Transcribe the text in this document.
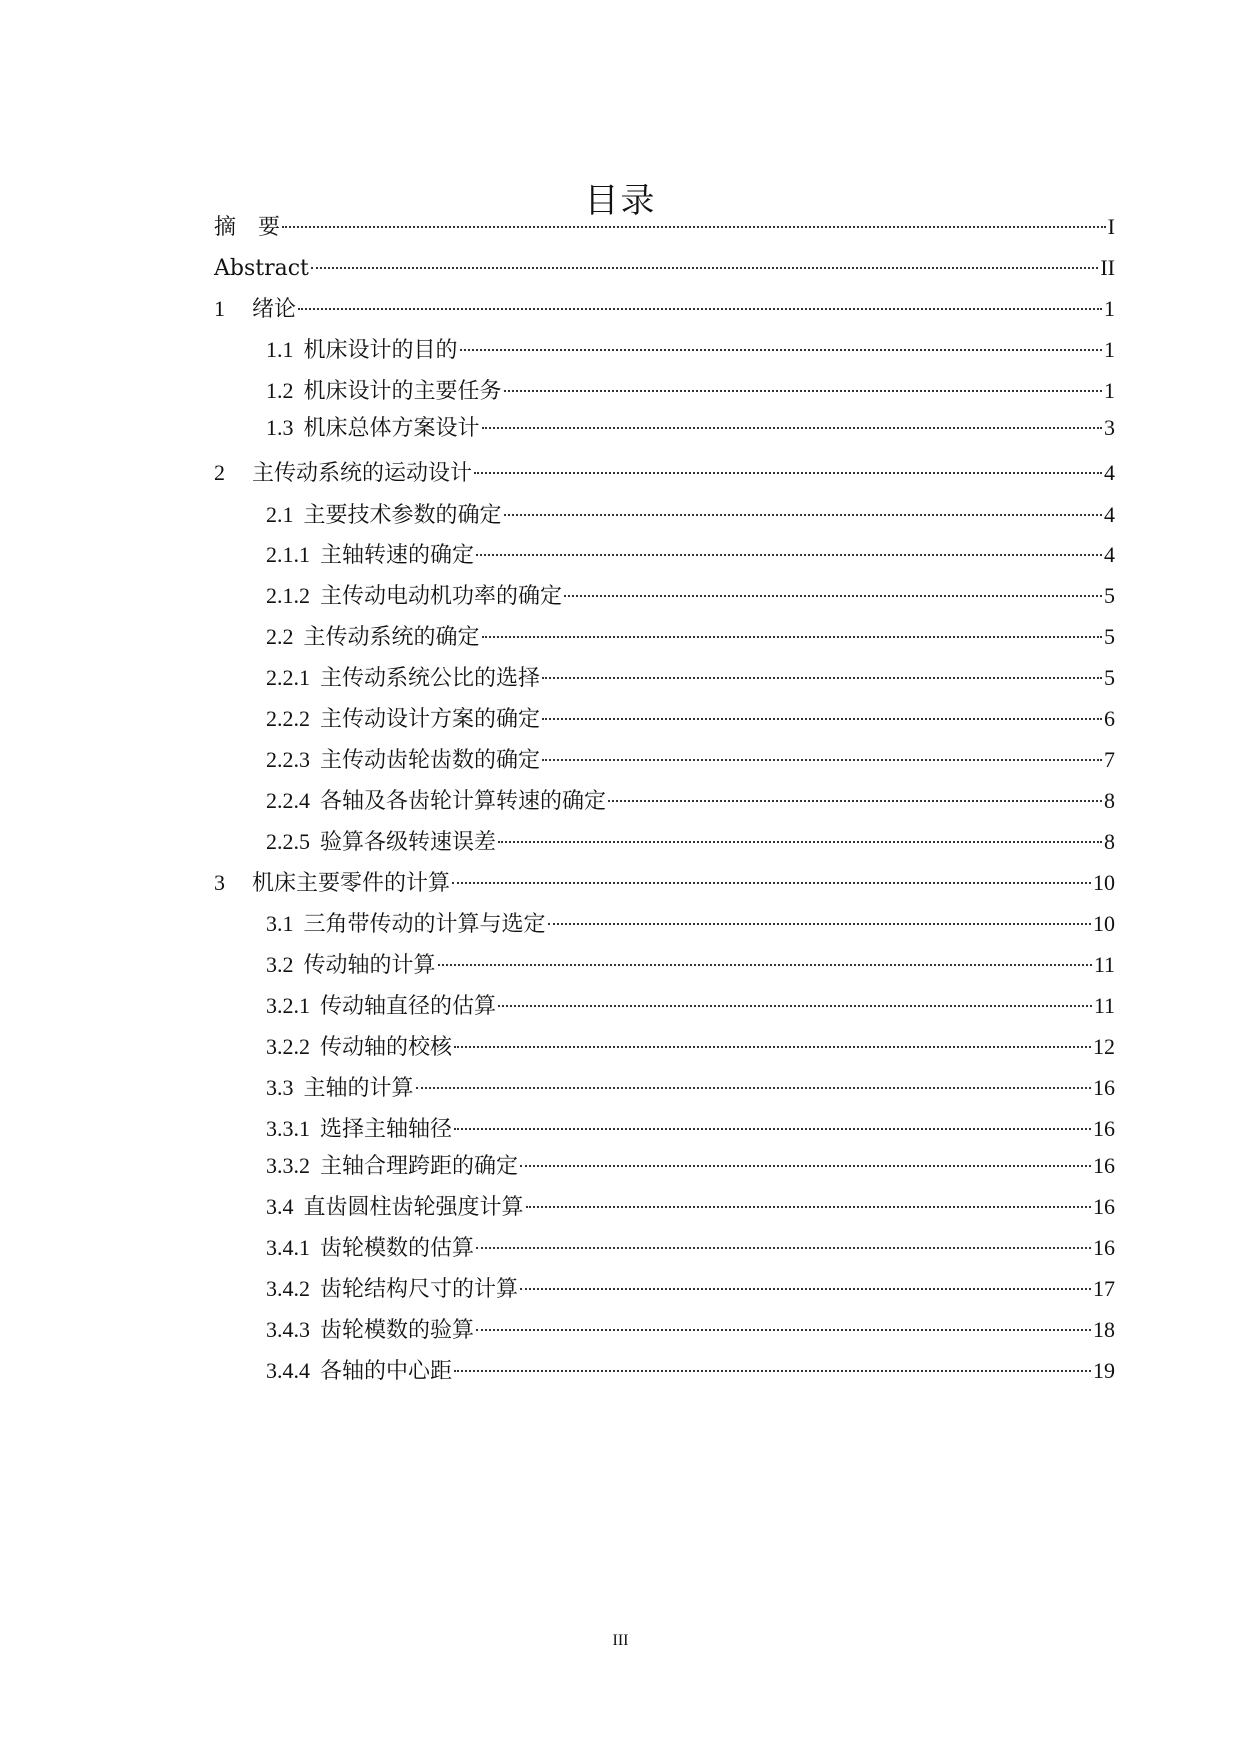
目录
摘　要	I
Abstract	II
1	绪论	1
1.1 机床设计的目的	1
1.2 机床设计的主要任务	1
1.3 机床总体方案设计	3
2	主传动系统的运动设计	4
2.1 主要技术参数的确定	4
2.1.1 主轴转速的确定	4
2.1.2 主传动电动机功率的确定	5
2.2 主传动系统的确定	5
2.2.1 主传动系统公比的选择	5
2.2.2 主传动设计方案的确定	6
2.2.3 主传动齿轮齿数的确定	7
2.2.4 各轴及各齿轮计算转速的确定	8
2.2.5 验算各级转速误差	8
3	机床主要零件的计算	10
3.1 三角带传动的计算与选定	10
3.2 传动轴的计算	11
3.2.1 传动轴直径的估算	11
3.2.2 传动轴的校核	12
3.3 主轴的计算	16
3.3.1 选择主轴轴径	16
3.3.2 主轴合理跨距的确定	16
3.4 直齿圆柱齿轮强度计算	16
3.4.1 齿轮模数的估算	16
3.4.2 齿轮结构尺寸的计算	17
3.4.3 齿轮模数的验算	18
3.4.4 各轴的中心距	19
III
